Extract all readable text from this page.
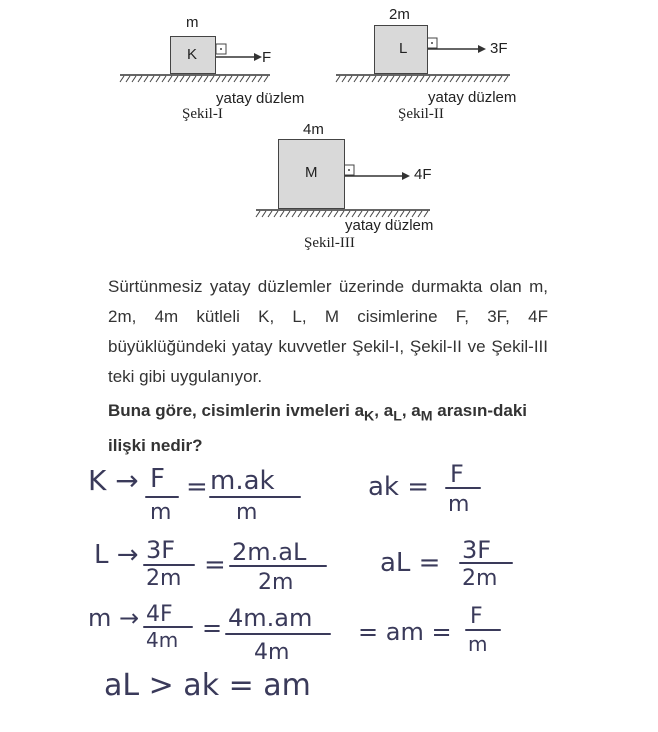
m
K	F
yatay düzlem
Şekil-I
2m
L	3F
yatay düzlem
Şekil-II
4m
M	4F
yatay düzlem
Şekil-III
Sürtünmesiz yatay düzlemler üzerinde durmakta olan m, 2m, 4m kütleli K, L, M cisimlerine F, 3F, 4F büyüklüğündeki yatay kuvvetler Şekil-I, Şekil-II ve Şekil-III teki gibi uygulanıyor.
Buna göre, cisimlerin ivmeleri $a_K$, $a_L$, $a_M$ arasın-daki ilişki nedir?
K → F
m
= m.ak
m
ak = F
m
L → 3F
2m = 2m.aL
2m
aL = 3F
2m
m → 4F
4m = 4m.am
4m
= am =
F
m
aL > ak = am
